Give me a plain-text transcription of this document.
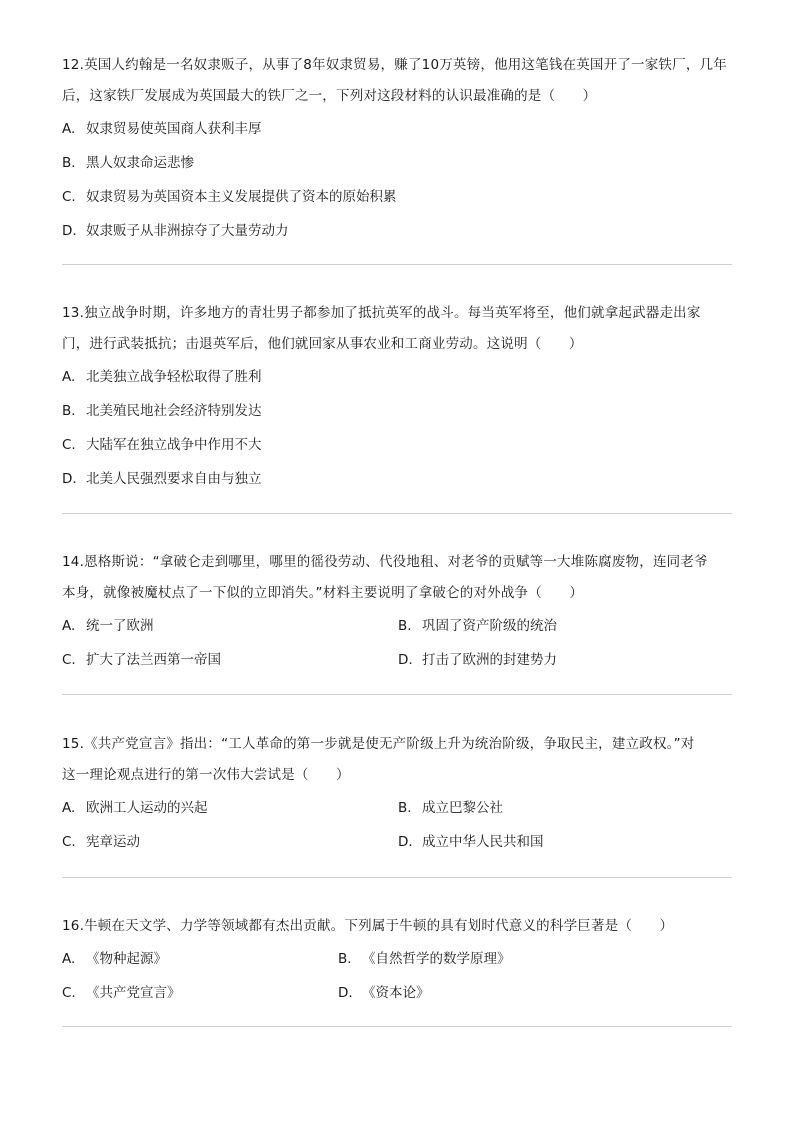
12.英国人约翰是一名奴隶贩子，从事了8年奴隶贸易，赚了10万英镑，他用这笔钱在英国开了一家铁厂，几年
后，这家铁厂发展成为英国最大的铁厂之一，下列对这段材料的认识最准确的是（　　）

A. 奴隶贸易使英国商人获利丰厚

B. 黑人奴隶命运悲惨

C. 奴隶贸易为英国资本主义发展提供了资本的原始积累

D. 奴隶贩子从非洲掠夺了大量劳动力

13.独立战争时期，许多地方的青壮男子都参加了抵抗英军的战斗。每当英军将至，他们就拿起武器走出家
门，进行武装抵抗；击退英军后，他们就回家从事农业和工商业劳动。这说明（　　）

A. 北美独立战争轻松取得了胜利

B. 北美殖民地社会经济特别发达

C. 大陆军在独立战争中作用不大

D. 北美人民强烈要求自由与独立

14.恩格斯说：“拿破仑走到哪里，哪里的徭役劳动、代役地租、对老爷的贡赋等一大堆陈腐废物，连同老爷
本身，就像被魔杖点了一下似的立即消失。”材料主要说明了拿破仑的对外战争（　　）

A. 统一了欧洲	B. 巩固了资产阶级的统治

C. 扩大了法兰西第一帝国	D. 打击了欧洲的封建势力

15.《共产党宣言》指出：“工人革命的第一步就是使无产阶级上升为统治阶级，争取民主，建立政权。”对
这一理论观点进行的第一次伟大尝试是（　　）

A. 欧洲工人运动的兴起	B. 成立巴黎公社

C. 宪章运动	D. 成立中华人民共和国

16.牛顿在天文学、力学等领域都有杰出贡献。下列属于牛顿的具有划时代意义的科学巨著是（　　）

A. 《物种起源》	B. 《自然哲学的数学原理》

C. 《共产党宣言》	D. 《资本论》
